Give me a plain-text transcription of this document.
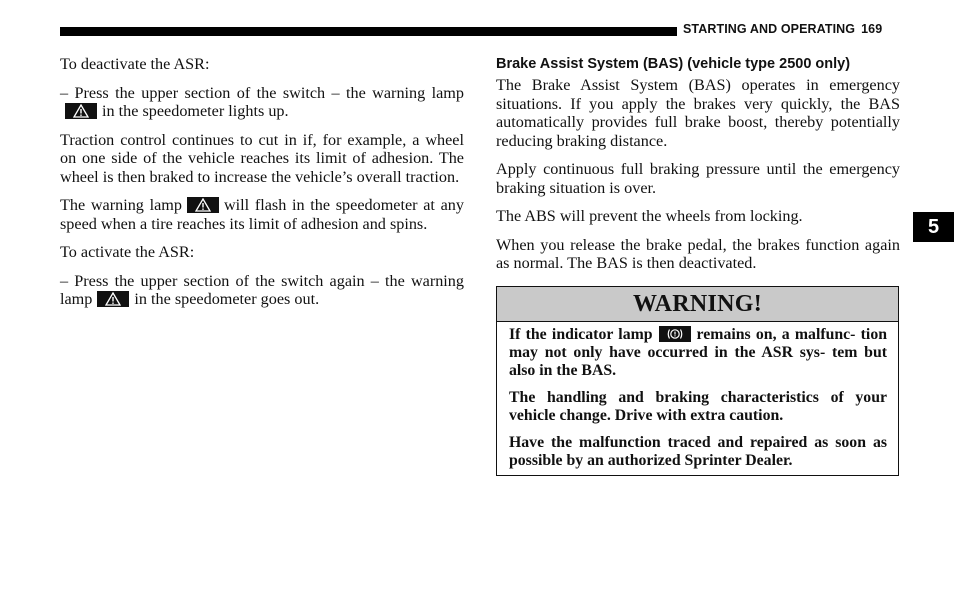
STARTING AND OPERATING 169
5

To deactivate the ASR:

– Press the upper section of the switch – the warning lamp
in the speedometer lights up.

Traction control continues to cut in if, for example, a wheel on one side of the vehicle reaches its limit of adhesion. The wheel is then braked to increase the vehicle’s overall traction.

The warning lamp	will flash in the speedometer at any speed when a tire reaches its limit of adhesion and spins.

To activate the ASR:

– Press the upper section of the switch again – the warning lamp	in the speedometer goes out.

Brake Assist System (BAS) (vehicle type 2500 only)

The Brake Assist System (BAS) operates in emergency situations. If you apply the brakes very quickly, the BAS automatically provides full brake boost, thereby potentially reducing braking distance.

Apply continuous full braking pressure until the emergency braking situation is over.

The ABS will prevent the wheels from locking.

When you release the brake pedal, the brakes function again as normal. The BAS is then deactivated.

WARNING!

If the indicator lamp	remains on, a malfunc- tion may not only have occurred in the ASR sys- tem but also in the BAS.

The handling and braking characteristics of your vehicle change. Drive with extra caution.

Have the malfunction traced and repaired as soon as possible by an authorized Sprinter Dealer.
